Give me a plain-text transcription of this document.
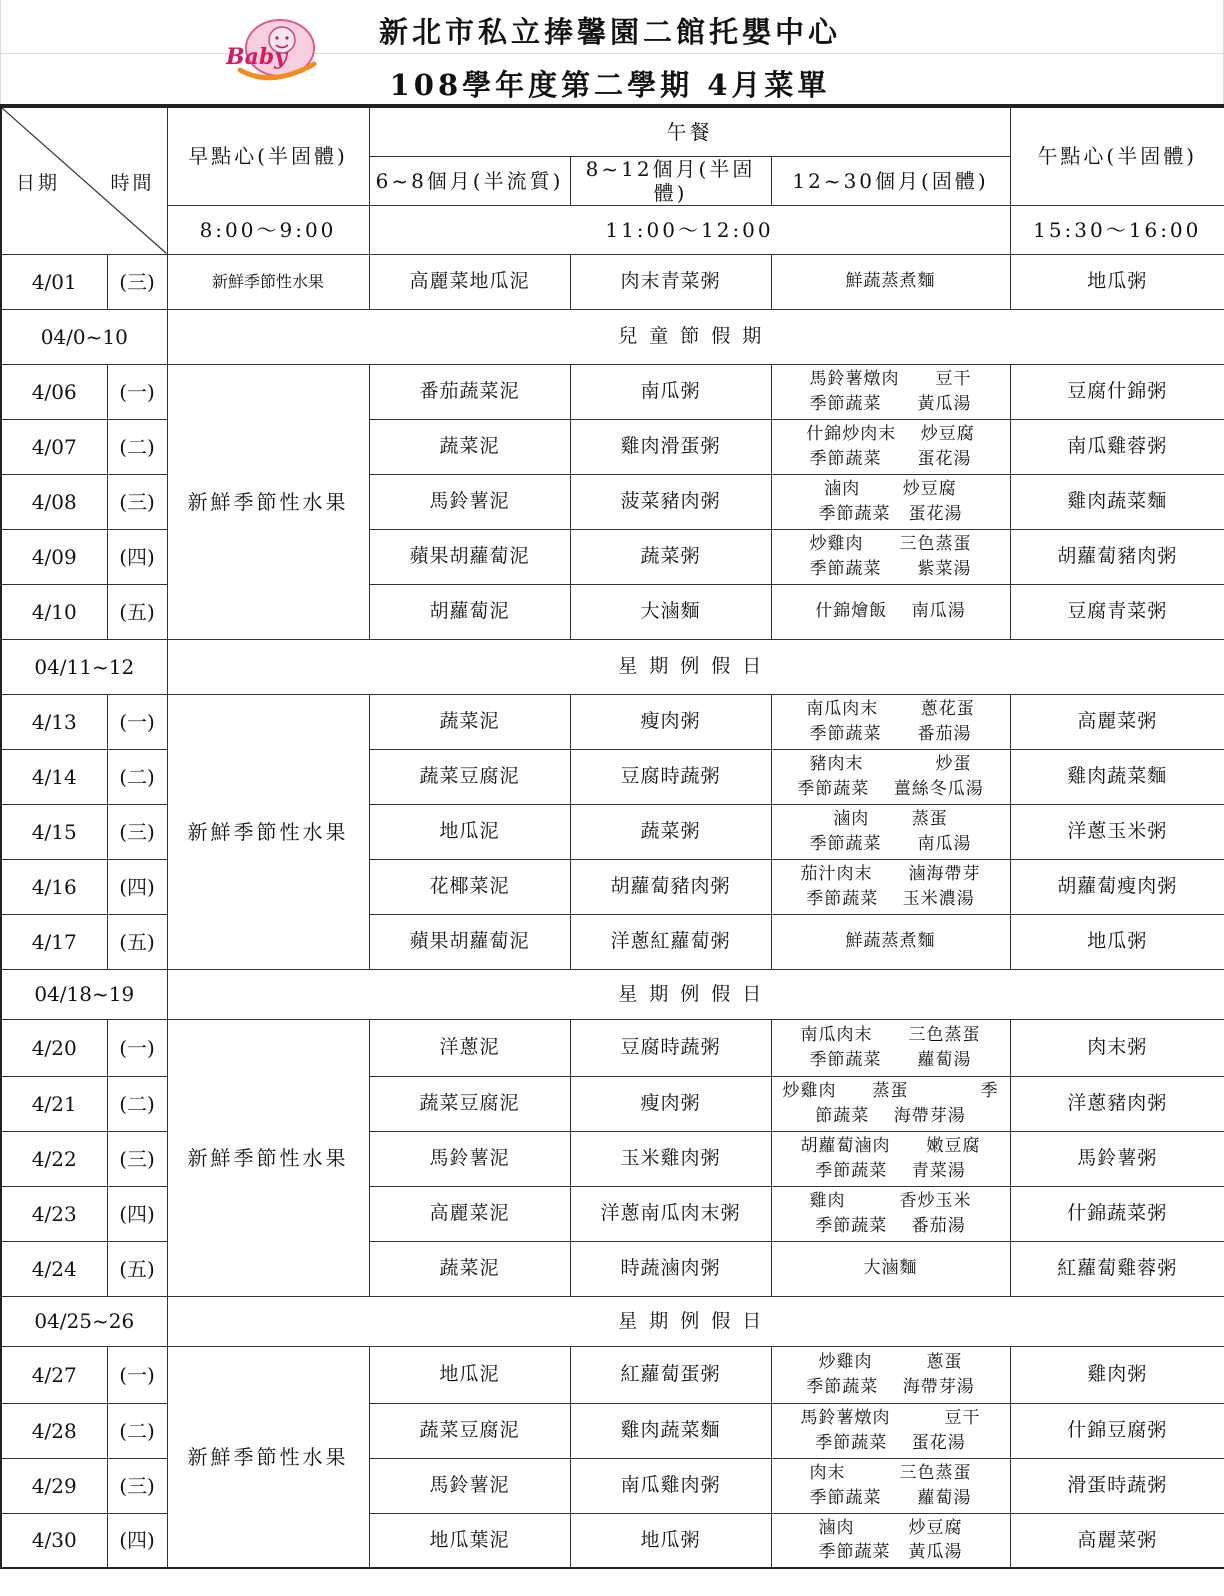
Baby
新北市私立捧馨園二館托嬰中心
108學年度第二學期 4月菜單
日期 時間		早點心(半固體)	午餐			午點心(半固體)
			6~8個月(半流質)	8~12個月(半固體)	12~30個月(固體)	
		8:00～9:00	11:00～12:00			15:30～16:00
4/01	(三)	新鮮季節性水果	高麗菜地瓜泥	肉末青菜粥	鮮蔬蒸煮麵	地瓜粥
04/0~10		兒童節假期				
4/06	(一)	新鮮季節性水果	番茄蔬菜泥	南瓜粥	馬鈴薯燉肉　　豆干
季節蔬菜　　黃瓜湯	豆腐什錦粥
4/07	(二)		蔬菜泥	雞肉滑蛋粥	什錦炒肉末　 炒豆腐
季節蔬菜　　蛋花湯	南瓜雞蓉粥
4/08	(三)		馬鈴薯泥	菠菜豬肉粥	滷肉　　 炒豆腐
季節蔬菜　蛋花湯	雞肉蔬菜麵
4/09	(四)		蘋果胡蘿蔔泥	蔬菜粥	炒雞肉　　三色蒸蛋
季節蔬菜　　紫菜湯	胡蘿蔔豬肉粥
4/10	(五)		胡蘿蔔泥	大滷麵	什錦燴飯　 南瓜湯	豆腐青菜粥
04/11~12		星期例假日				
4/13	(一)	新鮮季節性水果	蔬菜泥	瘦肉粥	南瓜肉末　　 蔥花蛋
季節蔬菜　　番茄湯	高麗菜粥
4/14	(二)		蔬菜豆腐泥	豆腐時蔬粥	豬肉末　　　　炒蛋
季節蔬菜　 薑絲冬瓜湯	雞肉蔬菜麵
4/15	(三)		地瓜泥	蔬菜粥	滷肉　　 蒸蛋
季節蔬菜　　南瓜湯	洋蔥玉米粥
4/16	(四)		花椰菜泥	胡蘿蔔豬肉粥	茄汁肉末　　滷海帶芽
季節蔬菜　 玉米濃湯	胡蘿蔔瘦肉粥
4/17	(五)		蘋果胡蘿蔔泥	洋蔥紅蘿蔔粥	鮮蔬蒸煮麵	地瓜粥
04/18~19		星期例假日				
4/20	(一)	新鮮季節性水果	洋蔥泥	豆腐時蔬粥	南瓜肉末　　三色蒸蛋
季節蔬菜　　蘿蔔湯	肉末粥
4/21	(二)		蔬菜豆腐泥	瘦肉粥	炒雞肉　　蒸蛋　　　　季
節蔬菜　 海帶芽湯	洋蔥豬肉粥
4/22	(三)		馬鈴薯泥	玉米雞肉粥	胡蘿蔔滷肉　　嫩豆腐
季節蔬菜　 青菜湯	馬鈴薯粥
4/23	(四)		高麗菜泥	洋蔥南瓜肉末粥	雞肉　　　香炒玉米
季節蔬菜　 番茄湯	什錦蔬菜粥
4/24	(五)		蔬菜泥	時蔬滷肉粥	大滷麵	紅蘿蔔雞蓉粥
04/25~26		星期例假日				
4/27	(一)	新鮮季節性水果	地瓜泥	紅蘿蔔蛋粥	炒雞肉　　　蔥蛋
季節蔬菜　 海帶芽湯	雞肉粥
4/28	(二)		蔬菜豆腐泥	雞肉蔬菜麵	馬鈴薯燉肉　　　豆干
季節蔬菜　 蛋花湯	什錦豆腐粥
4/29	(三)		馬鈴薯泥	南瓜雞肉粥	肉末　　　三色蒸蛋
季節蔬菜　　蘿蔔湯	滑蛋時蔬粥
4/30	(四)		地瓜葉泥	地瓜粥	滷肉　　　炒豆腐
季節蔬菜　黃瓜湯	高麗菜粥
